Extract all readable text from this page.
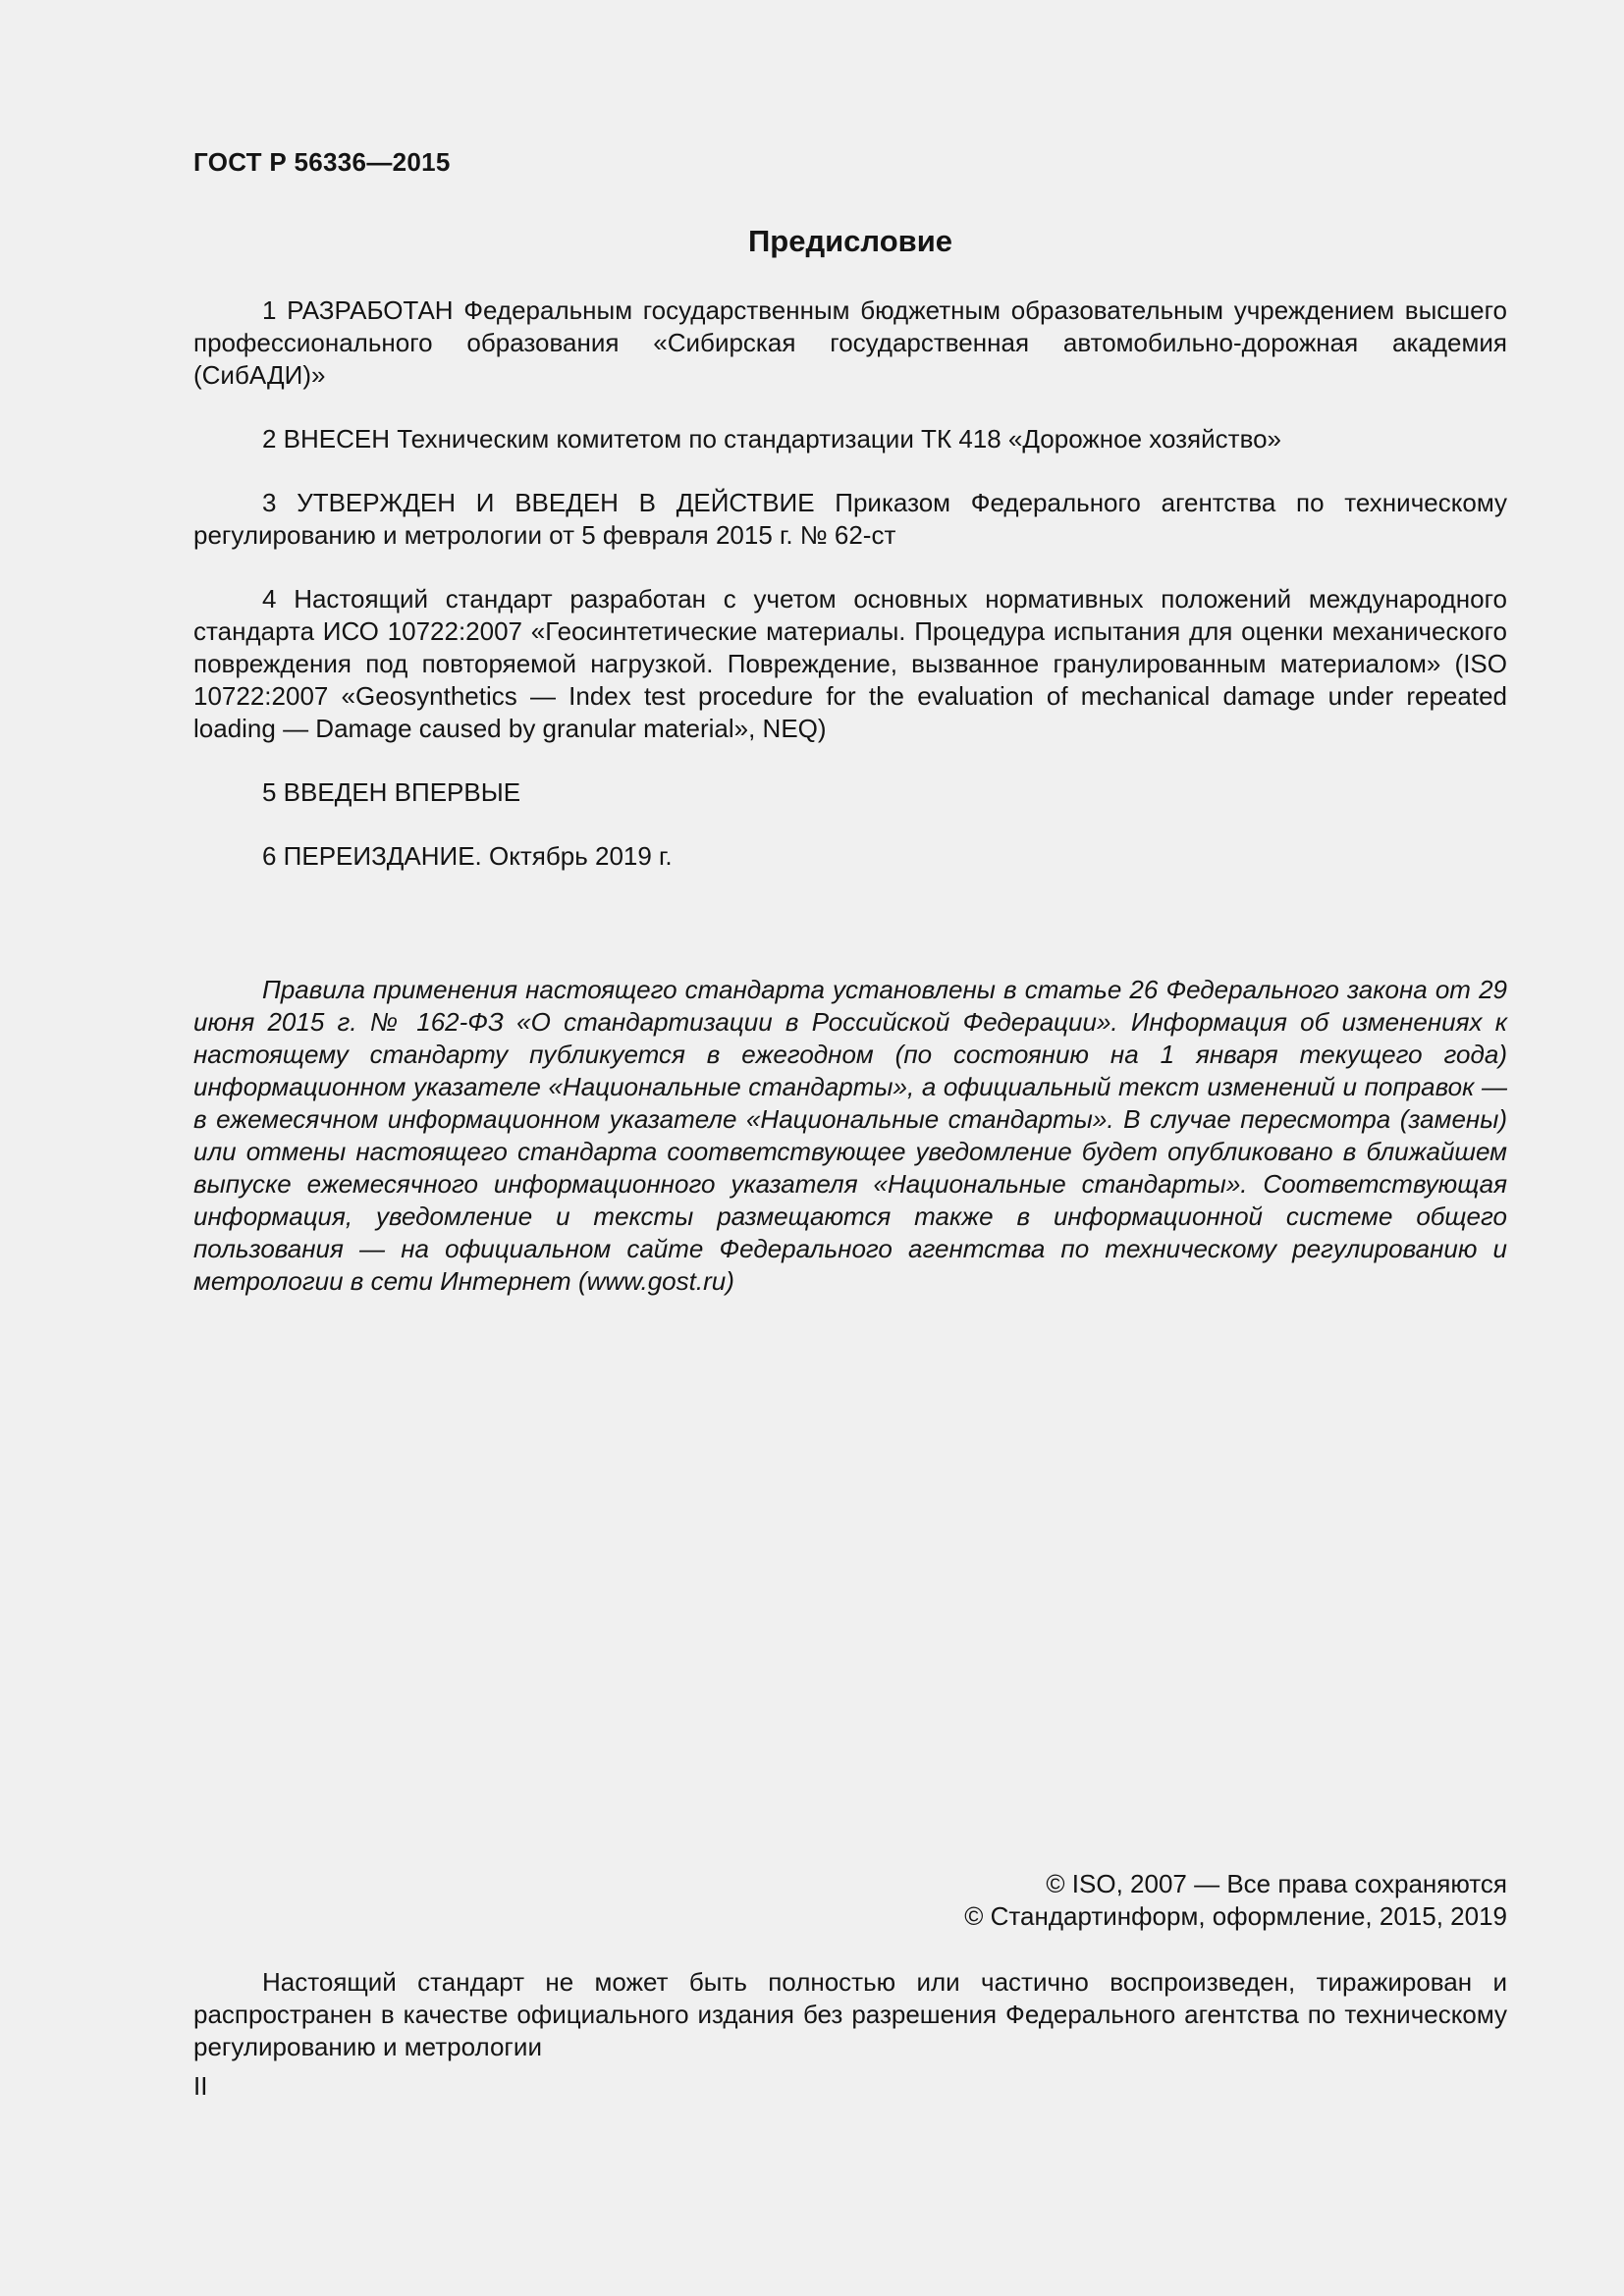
ГОСТ Р 56336—2015
Предисловие

1 РАЗРАБОТАН Федеральным государственным бюджетным образовательным учреждением высшего профессионального образования «Сибирская государственная автомобильно-дорожная академия (СибАДИ)»

2 ВНЕСЕН Техническим комитетом по стандартизации ТК 418 «Дорожное хозяйство»

3 УТВЕРЖДЕН И ВВЕДЕН В ДЕЙСТВИЕ Приказом Федерального агентства по техническому регулированию и метрологии от 5 февраля 2015 г. № 62-ст

4 Настоящий стандарт разработан с учетом основных нормативных положений международного стандарта ИСО 10722:2007 «Геосинтетические материалы. Процедура испытания для оценки механического повреждения под повторяемой нагрузкой. Повреждение, вызванное гранулированным материалом» (ISO 10722:2007 «Geosynthetics — Index test procedure for the evaluation of mechanical damage under repeated loading — Damage caused by granular material», NEQ)

5 ВВЕДЕН ВПЕРВЫЕ

6 ПЕРЕИЗДАНИЕ. Октябрь 2019 г.

Правила применения настоящего стандарта установлены в статье 26 Федерального закона от 29 июня 2015 г. № 162-ФЗ «О стандартизации в Российской Федерации». Информация об изменениях к настоящему стандарту публикуется в ежегодном (по состоянию на 1 января текущего года) информационном указателе «Национальные стандарты», а официальный текст изменений и поправок — в ежемесячном информационном указателе «Национальные стандарты». В случае пересмотра (замены) или отмены настоящего стандарта соответствующее уведомление будет опубликовано в ближайшем выпуске ежемесячного информационного указателя «Национальные стандарты». Соответствующая информация, уведомление и тексты размещаются также в информационной системе общего пользования — на официальном сайте Федерального агентства по техническому регулированию и метрологии в сети Интернет (www.gost.ru)

© ISO, 2007 — Все права сохраняются
© Стандартинформ, оформление, 2015, 2019

Настоящий стандарт не может быть полностью или частично воспроизведен, тиражирован и распространен в качестве официального издания без разрешения Федерального агентства по техническому регулированию и метрологии

II
